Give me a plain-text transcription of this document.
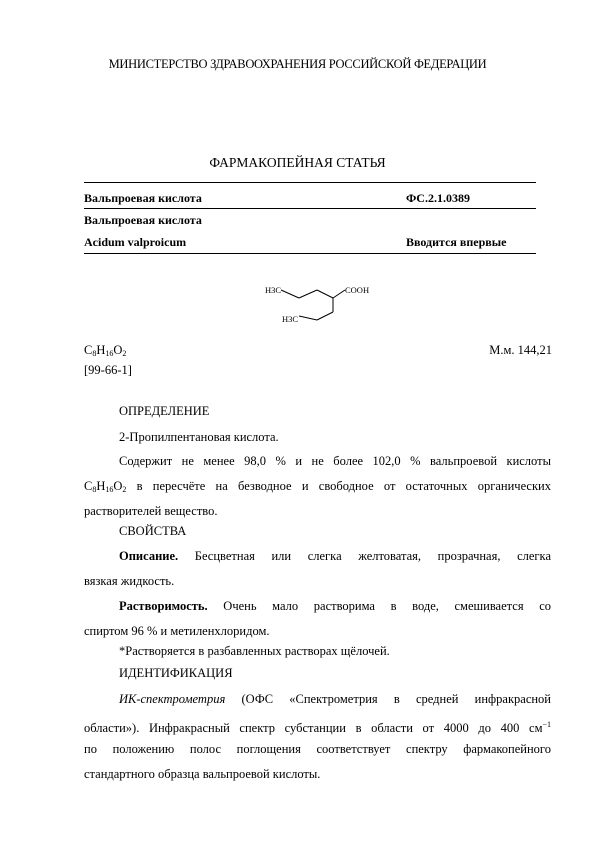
МИНИСТЕРСТВО ЗДРАВООХРАНЕНИЯ РОССИЙСКОЙ ФЕДЕРАЦИИ
ФАРМАКОПЕЙНАЯ СТАТЬЯ
Вальпроевая кислота	ФС.2.1.0389
Вальпроевая кислота
Acidum valproicum	Вводится впервые
H3C	COOH
H3C
$C_8H_{16}O_2$	М.м. 144,21
[99-66-1]
ОПРЕДЕЛЕНИЕ
2-Пропилпентановая кислота.
Содержит не менее 98,0 % и не более 102,0 % вальпроевой кислоты
$C_8H_{16}O_2$ в пересчёте на безводное и свободное от остаточных органических
растворителей вещество.
СВОЙСТВА
Описание. Бесцветная или слегка желтоватая, прозрачная, слегка
вязкая жидкость.
Растворимость. Очень мало растворима в воде, смешивается со
спиртом 96 % и метиленхлоридом.
*Растворяется в разбавленных растворах щёлочей.
ИДЕНТИФИКАЦИЯ
ИК-спектрометрия (ОФС «Спектрометрия в средней инфракрасной
области»). Инфракрасный спектр субстанции в области от 4000 до 400 $см^{-1}$
по положению полос поглощения соответствует спектру фармакопейного
стандартного образца вальпроевой кислоты.
